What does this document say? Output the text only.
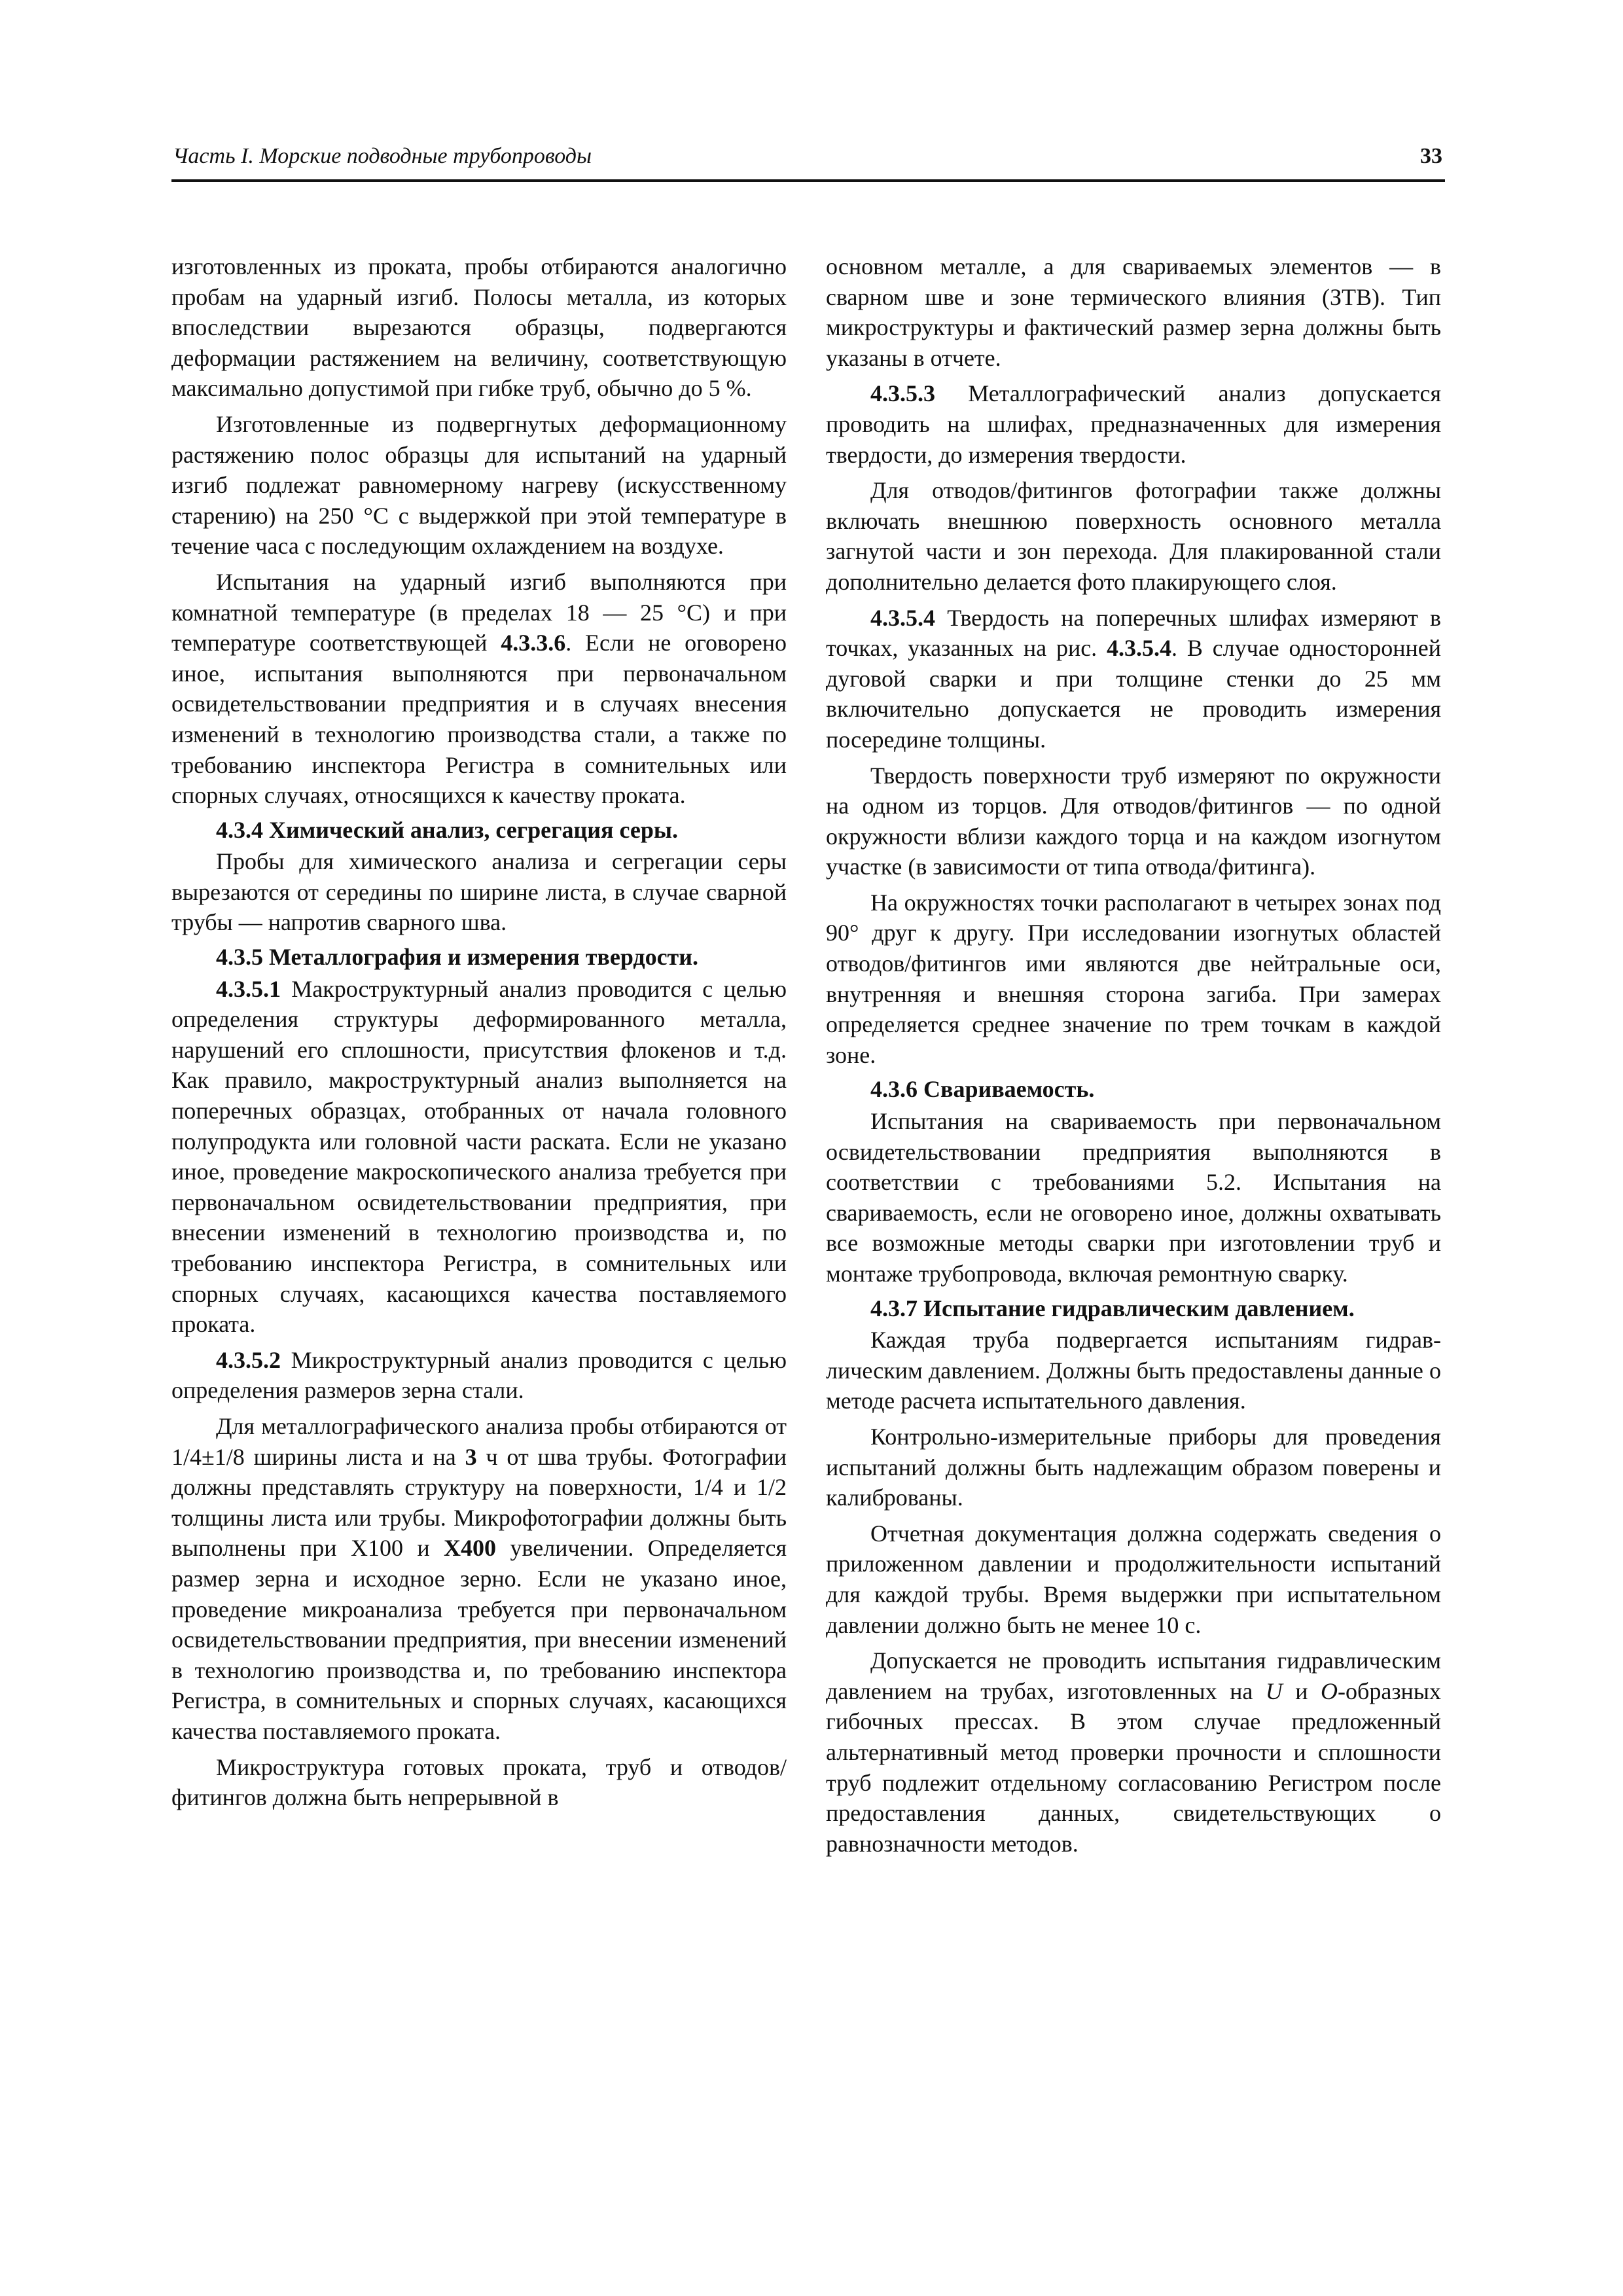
Часть I. Морские подводные трубопроводы	33

изготовленных из проката, пробы отбираются аналогично пробам на ударный изгиб. Полосы металла, из которых впоследствии вырезаются образцы, подвергаются деформации растяжением на величину, соответствующую максимально допустимой при гибке труб, обычно до 5 %.

Изготовленные из подвергнутых деформационному растяжению полос образцы для испытаний на ударный изгиб подлежат равномерному нагреву (искусственному старению) на 250 °С с выдержкой при этой температуре в течение часа с последующим охлаждением на воздухе.

Испытания на ударный изгиб выполняются при комнатной температуре (в пределах 18 — 25 °С) и при температуре соответствующей 4.3.3.6. Если не оговорено иное, испытания выполняются при первоначальном освидетельствовании предприятия и в случаях внесения изменений в технологию производства стали, а также по требованию инспектора Регистра в сомнительных или спорных случаях, относящихся к качеству проката.

4.3.4 Химический анализ, сегрегация серы.

Пробы для химического анализа и сегрегации серы вырезаются от середины по ширине листа, в случае сварной трубы — напротив сварного шва.

4.3.5 Металлография и измерения твердости.

4.3.5.1 Макроструктурный анализ проводится с целью определения структуры деформированного металла, нарушений его сплошности, присутствия флокенов и т.д. Как правило, макроструктурный анализ выполняется на поперечных образцах, отобранных от начала головного полупродукта или головной части раската. Если не указано иное, проведение макроскопического анализа требуется при первоначальном освидетельствовании предприятия, при внесении изменений в технологию производства и, по требованию инспектора Регистра, в сомнительных или спорных случаях, касающихся качества поставляемого проката.

4.3.5.2 Микроструктурный анализ проводится с целью определения размеров зерна стали.

Для металлографического анализа пробы отбираются от 1/4±1/8 ширины листа и на 3 ч от шва трубы. Фотографии должны представлять структуру на поверхности, 1/4 и 1/2 толщины листа или трубы. Микрофотографии должны быть выполнены при Х100 и Х400 увеличении. Определяется размер зерна и исходное зерно. Если не указано иное, проведение микроанализа требуется при первоначальном освидетельствовании предприятия, при внесении изменений в технологию производства и, по требованию инспектора Регистра, в сомнительных и спорных случаях, касающихся качества поставляемого проката.

Микроструктура готовых проката, труб и отводов/фитингов должна быть непрерывной в

основном металле, а для свариваемых элементов — в сварном шве и зоне термического влияния (ЗТВ). Тип микроструктуры и фактический размер зерна должны быть указаны в отчете.

4.3.5.3 Металлографический анализ допускается проводить на шлифах, предназначенных для измерения твердости, до измерения твердости.

Для отводов/фитингов фотографии также должны включать внешнюю поверхность основного металла загнутой части и зон перехода. Для плакированной стали дополнительно делается фото плакирующего слоя.

4.3.5.4 Твердость на поперечных шлифах измеряют в точках, указанных на рис. 4.3.5.4. В случае односторонней дуговой сварки и при толщине стенки до 25 мм включительно допускается не проводить измерения посередине толщины.

Твердость поверхности труб измеряют по окружности на одном из торцов. Для отводов/фитингов — по одной окружности вблизи каждого торца и на каждом изогнутом участке (в зависимости от типа отвода/фитинга).

На окружностях точки располагают в четырех зонах под 90° друг к другу. При исследовании изогнутых областей отводов/фитингов ими являются две нейтральные оси, внутренняя и внешняя сторона загиба. При замерах определяется среднее значение по трем точкам в каждой зоне.

4.3.6 Свариваемость.

Испытания на свариваемость при первоначальном освидетельствовании предприятия выполняются в соответствии с требованиями 5.2. Испытания на свариваемость, если не оговорено иное, должны охватывать все возможные методы сварки при изготовлении труб и монтаже трубопровода, включая ремонтную сварку.

4.3.7 Испытание гидравлическим давлением.

Каждая труба подвергается испытаниям гидравлическим давлением. Должны быть предоставлены данные о методе расчета испытательного давления.

Контрольно-измерительные приборы для проведения испытаний должны быть надлежащим образом поверены и калиброваны.

Отчетная документация должна содержать сведения о приложенном давлении и продолжительности испытаний для каждой трубы. Время выдержки при испытательном давлении должно быть не менее 10 с.

Допускается не проводить испытания гидравлическим давлением на трубах, изготовленных на U и O-образных гибочных прессах. В этом случае предложенный альтернативный метод проверки прочности и сплошности труб подлежит отдельному согласованию Регистром после предоставления данных, свидетельствующих о равнозначности методов.
